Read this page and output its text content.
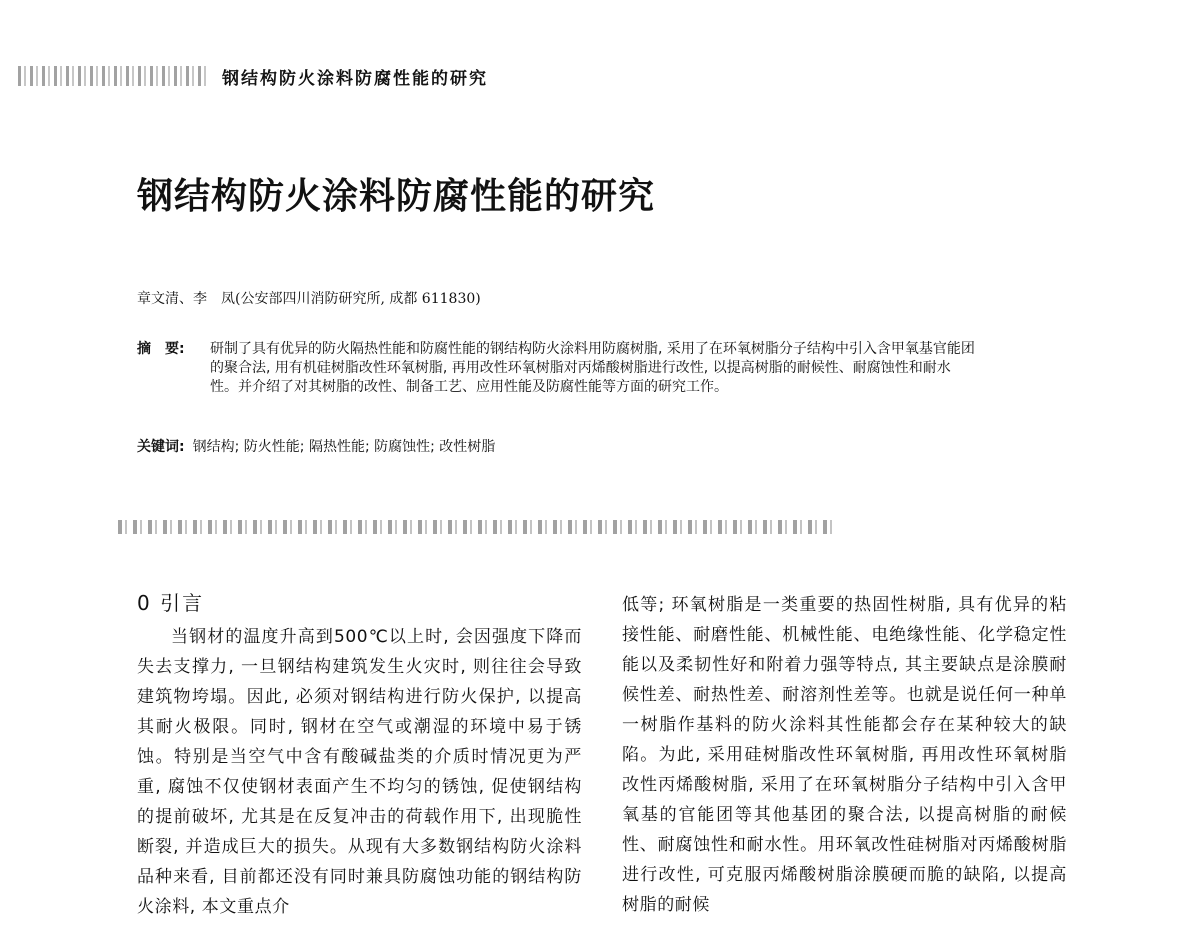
钢结构防火涂料防腐性能的研究
钢结构防火涂料防腐性能的研究
章文清、李　凤(公安部四川消防研究所, 成都 611830)
摘　要: 研制了具有优异的防火隔热性能和防腐性能的钢结构防火涂料用防腐树脂, 采用了在环氧树脂分子结构中引入含甲氧基官能团的聚合法, 用有机硅树脂改性环氧树脂, 再用改性环氧树脂对丙烯酸树脂进行改性, 以提高树脂的耐候性、耐腐蚀性和耐水性。并介绍了对其树脂的改性、制备工艺、应用性能及防腐性能等方面的研究工作。
关键词: 钢结构; 防火性能; 隔热性能; 防腐蚀性; 改性树脂
0 引言

当钢材的温度升高到500℃以上时, 会因强度下降而失去支撑力, 一旦钢结构建筑发生火灾时, 则往往会导致建筑物垮塌。因此, 必须对钢结构进行防火保护, 以提高其耐火极限。同时, 钢材在空气或潮湿的环境中易于锈蚀。特别是当空气中含有酸碱盐类的介质时情况更为严重, 腐蚀不仅使钢材表面产生不均匀的锈蚀, 促使钢结构的提前破坏, 尤其是在反复冲击的荷载作用下, 出现脆性断裂, 并造成巨大的损失。从现有大多数钢结构防火涂料品种来看, 目前都还没有同时兼具防腐蚀功能的钢结构防火涂料, 本文重点介

低等; 环氧树脂是一类重要的热固性树脂, 具有优异的粘接性能、耐磨性能、机械性能、电绝缘性能、化学稳定性能以及柔韧性好和附着力强等特点, 其主要缺点是涂膜耐候性差、耐热性差、耐溶剂性差等。也就是说任何一种单一树脂作基料的防火涂料其性能都会存在某种较大的缺陷。为此, 采用硅树脂改性环氧树脂, 再用改性环氧树脂改性丙烯酸树脂, 采用了在环氧树脂分子结构中引入含甲氧基的官能团等其他基团的聚合法, 以提高树脂的耐候性、耐腐蚀性和耐水性。用环氧改性硅树脂对丙烯酸树脂进行改性, 可克服丙烯酸树脂涂膜硬而脆的缺陷, 以提高树脂的耐候
